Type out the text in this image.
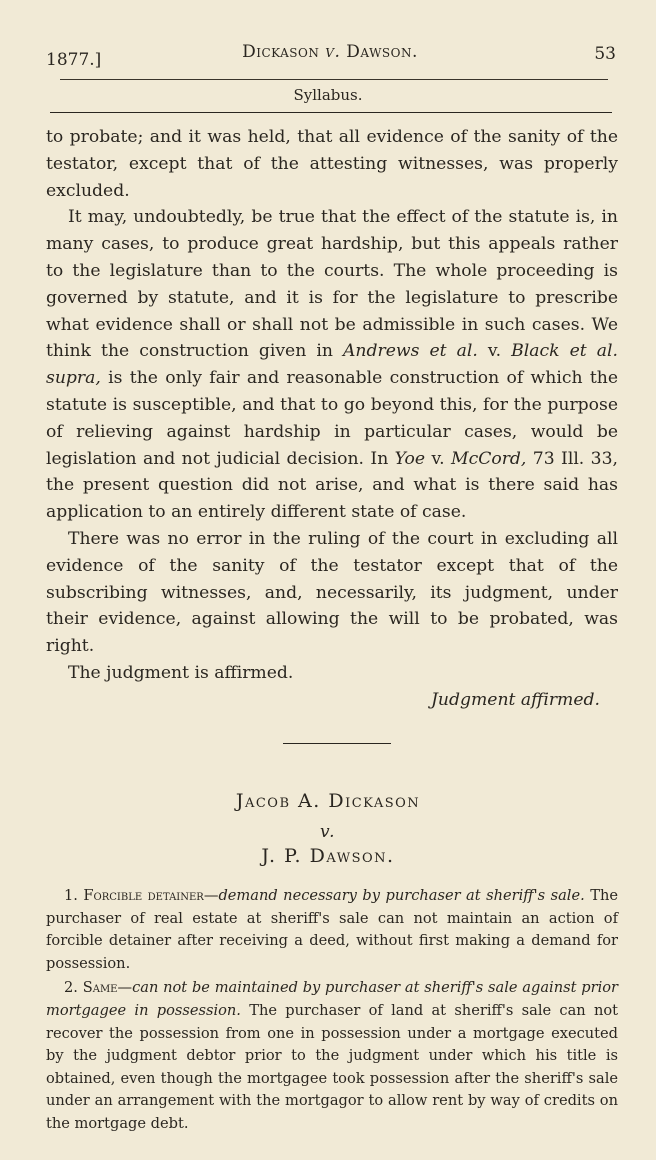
1877.]	Dickason v. Dawson.	53
Syllabus.

to probate; and it was held, that all evidence of the sanity of the testator, except that of the attesting witnesses, was properly excluded.

It may, undoubtedly, be true that the effect of the statute is, in many cases, to produce great hardship, but this appeals rather to the legislature than to the courts. The whole proceeding is governed by statute, and it is for the legislature to prescribe what evidence shall or shall not be admissible in such cases. We think the construction given in Andrews et al. v. Black et al. supra, is the only fair and reasonable construction of which the statute is susceptible, and that to go beyond this, for the purpose of relieving against hardship in particular cases, would be legislation and not judicial decision. In Yoe v. McCord, 73 Ill. 33, the present question did not arise, and what is there said has application to an entirely different state of case.

There was no error in the ruling of the court in excluding all evidence of the sanity of the testator except that of the subscribing witnesses, and, necessarily, its judgment, under their evidence, against allowing the will to be probated, was right.

The judgment is affirmed.

Judgment affirmed.

Jacob A. Dickason
v.
J. P. Dawson.

1. Forcible detainer—demand necessary by purchaser at sheriff's sale. The purchaser of real estate at sheriff's sale can not maintain an action of forcible detainer after receiving a deed, without first making a demand for possession.

2. Same—can not be maintained by purchaser at sheriff's sale against prior mortgagee in possession. The purchaser of land at sheriff's sale can not recover the possession from one in possession under a mortgage executed by the judgment debtor prior to the judgment under which his title is obtained, even though the mortgagee took possession after the sheriff's sale under an arrangement with the mortgagor to allow rent by way of credits on the mortgage debt.
